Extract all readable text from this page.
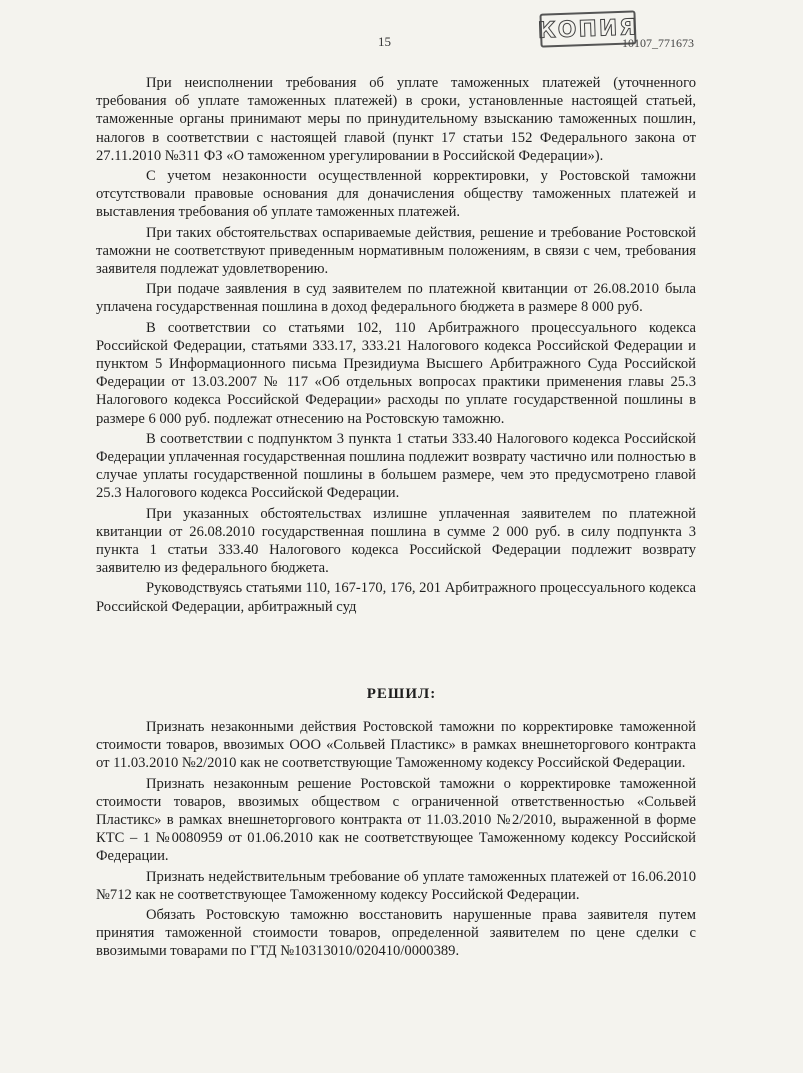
15	КОПИЯ
10107_771673

При неисполнении требования об уплате таможенных платежей (уточненного требования об уплате таможенных платежей) в сроки, установленные настоящей статьей, таможенные органы принимают меры по принудительному взысканию таможенных пошлин, налогов в соответствии с настоящей главой (пункт 17 статьи 152 Федерального закона от 27.11.2010 №311 ФЗ «О таможенном урегулировании в Российской Федерации»).

С учетом незаконности осуществленной корректировки, у Ростовской таможни отсутствовали правовые основания для доначисления обществу таможенных платежей и выставления требования об уплате таможенных платежей.

При таких обстоятельствах оспариваемые действия, решение и требование Ростовской таможни не соответствуют приведенным нормативным положениям, в связи с чем, требования заявителя подлежат удовлетворению.

При подаче заявления в суд заявителем по платежной квитанции от 26.08.2010 была уплачена государственная пошлина в доход федерального бюджета в размере 8 000 руб.

В соответствии со статьями 102, 110 Арбитражного процессуального кодекса Российской Федерации, статьями 333.17, 333.21 Налогового кодекса Российской Федерации и пунктом 5 Информационного письма Президиума Высшего Арбитражного Суда Российской Федерации от 13.03.2007 № 117 «Об отдельных вопросах практики применения главы 25.3 Налогового кодекса Российской Федерации» расходы по уплате государственной пошлины в размере 6 000 руб. подлежат отнесению на Ростовскую таможню.

В соответствии с подпунктом 3 пункта 1 статьи 333.40 Налогового кодекса Российской Федерации уплаченная государственная пошлина подлежит возврату частично или полностью в случае уплаты государственной пошлины в большем размере, чем это предусмотрено главой 25.3 Налогового кодекса Российской Федерации.

При указанных обстоятельствах излишне уплаченная заявителем по платежной квитанции от 26.08.2010 государственная пошлина в сумме 2 000 руб. в силу подпункта 3 пункта 1 статьи 333.40 Налогового кодекса Российской Федерации подлежит возврату заявителю из федерального бюджета.

Руководствуясь статьями 110, 167-170, 176, 201 Арбитражного процессуального кодекса Российской Федерации, арбитражный суд

РЕШИЛ:

Признать незаконными действия Ростовской таможни по корректировке таможенной стоимости товаров, ввозимых ООО «Сольвей Пластикс» в рамках внешнеторгового контракта от 11.03.2010 №2/2010 как не соответствующие Таможенному кодексу Российской Федерации.

Признать незаконным решение Ростовской таможни о корректировке таможенной стоимости товаров, ввозимых обществом с ограниченной ответственностью «Сольвей Пластикс» в рамках внешнеторгового контракта от 11.03.2010 №2/2010, выраженной в форме КТС – 1 №0080959 от 01.06.2010 как не соответствующее Таможенному кодексу Российской Федерации.

Признать недействительным требование об уплате таможенных платежей от 16.06.2010 №712 как не соответствующее Таможенному кодексу Российской Федерации.

Обязать Ростовскую таможню восстановить нарушенные права заявителя путем принятия таможенной стоимости товаров, определенной заявителем по цене сделки с ввозимыми товарами по ГТД №10313010/020410/0000389.
